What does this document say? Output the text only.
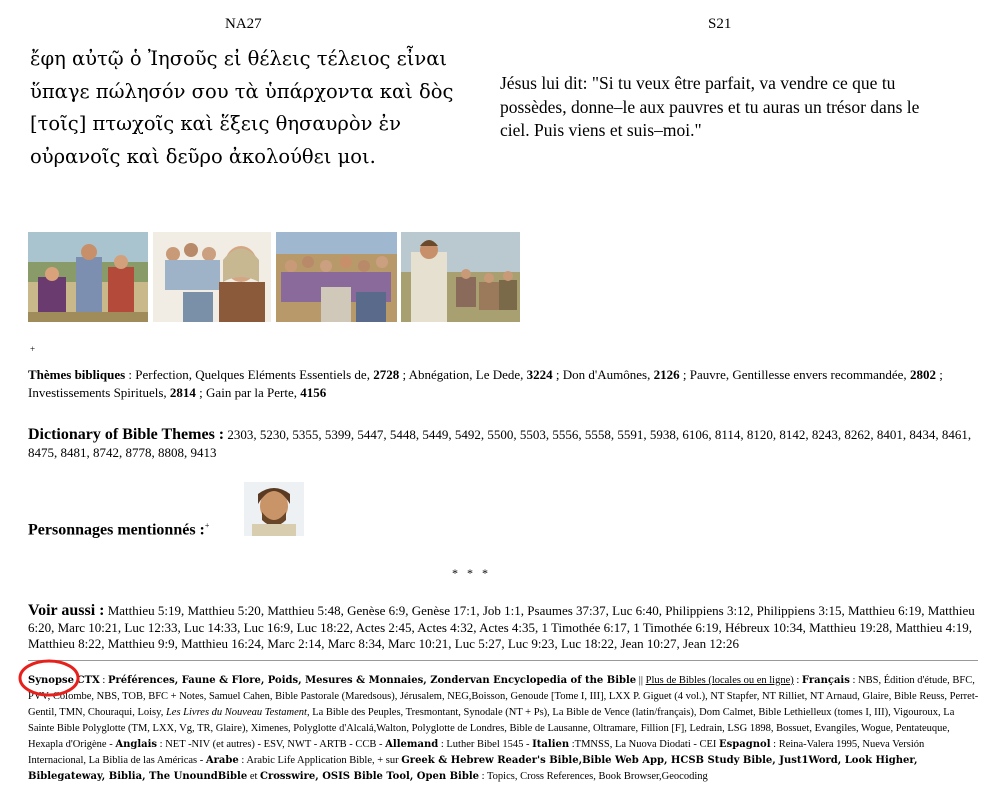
NA27	S21
ἔφη αὐτῷ ὁ Ἰησοῦς εἰ θέλεις τέλειος εἶναι
ὕπαγε πώλησόν σου τὰ ὑπάρχοντα καὶ δὸς
[τοῖς] πτωχοῖς καὶ ἕξεις θησαυρὸν ἐν
οὐρανοῖς καὶ δεῦρο ἀκολούθει μοι.
Jésus lui dit: "Si tu veux être parfait, va vendre ce que tu possèdes, donne–le aux pauvres et tu auras un trésor dans le ciel. Puis viens et suis–moi."
+
Thèmes bibliques : Perfection, Quelques Eléments Essentiels de, 2728 ; Abnégation, Le Dede, 3224 ; Don d'Aumônes, 2126 ; Pauvre, Gentillesse envers recommandée, 2802 ; Investissements Spirituels, 2814 ; Gain par la Perte, 4156
Dictionary of Bible Themes : 2303, 5230, 5355, 5399, 5447, 5448, 5449, 5492, 5500, 5503, 5556, 5558, 5591, 5938, 6106, 8114, 8120, 8142, 8243, 8262, 8401, 8434, 8461, 8475, 8481, 8742, 8778, 8808, 9413
Personnages mentionnés :+
* * *
Voir aussi : Matthieu 5:19, Matthieu 5:20, Matthieu 5:48, Genèse 6:9, Genèse 17:1, Job 1:1, Psaumes 37:37, Luc 6:40, Philippiens 3:12, Philippiens 3:15, Matthieu 6:19, Matthieu 6:20, Marc 10:21, Luc 12:33, Luc 14:33, Luc 16:9, Luc 18:22, Actes 2:45, Actes 4:32, Actes 4:35, 1 Timothée 6:17, 1 Timothée 6:19, Hébreux 10:34, Matthieu 19:28, Matthieu 4:19, Matthieu 8:22, Matthieu 9:9, Matthieu 16:24, Marc 2:14, Marc 8:34, Marc 10:21, Luc 5:27, Luc 9:23, Luc 18:22, Jean 10:27, Jean 12:26
Synopse CTX : Préférences, Faune & Flore, Poids, Mesures & Monnaies, Zondervan Encyclopedia of the Bible || Plus de Bibles (locales ou en ligne) : Français : NBS, Édition d'étude, BFC, PVV, Colombe, NBS, TOB, BFC + Notes, Samuel Cahen, Bible Pastorale (Maredsous), Jérusalem, NEG,Boisson, Genoude [Tome I, III], LXX P. Giguet (4 vol.), NT Stapfer, NT Rilliet, NT Arnaud, Glaire, Bible Reuss, Perret-Gentil, TMN, Chouraqui, Loisy, Les Livres du Nouveau Testament, La Bible des Peuples, Tresmontant, Synodale (NT + Ps), La Bible de Vence (latin/français), Dom Calmet, Bible Lethielleux (tomes I, III), Vigouroux, La Sainte Bible Polyglotte (TM, LXX, Vg, TR, Glaire), Ximenes, Polyglotte d'Alcalá,Walton, Polyglotte de Londres, Bible de Lausanne, Oltramare, Fillion [F], Ledrain, LSG 1898, Bossuet, Evangiles, Wogue, Pentateuque, Hexapla d'Origène - Anglais : NET -NIV (et autres) - ESV, NWT - ARTB - CCB - Allemand : Luther Bibel 1545 - Italien :TMNSS, La Nuova Diodati - CEI Espagnol : Reina-Valera 1995, Nueva Versión Internacional, La Biblia de las Américas - Arabe : Arabic Life Application Bible, + sur Greek & Hebrew Reader's Bible,Bible Web App, HCSB Study Bible, Just1Word, Look Higher, Biblegateway, Biblia, The UnoundBible et Crosswire, OSIS Bible Tool, Open Bible : Topics, Cross References, Book Browser,Geocoding
